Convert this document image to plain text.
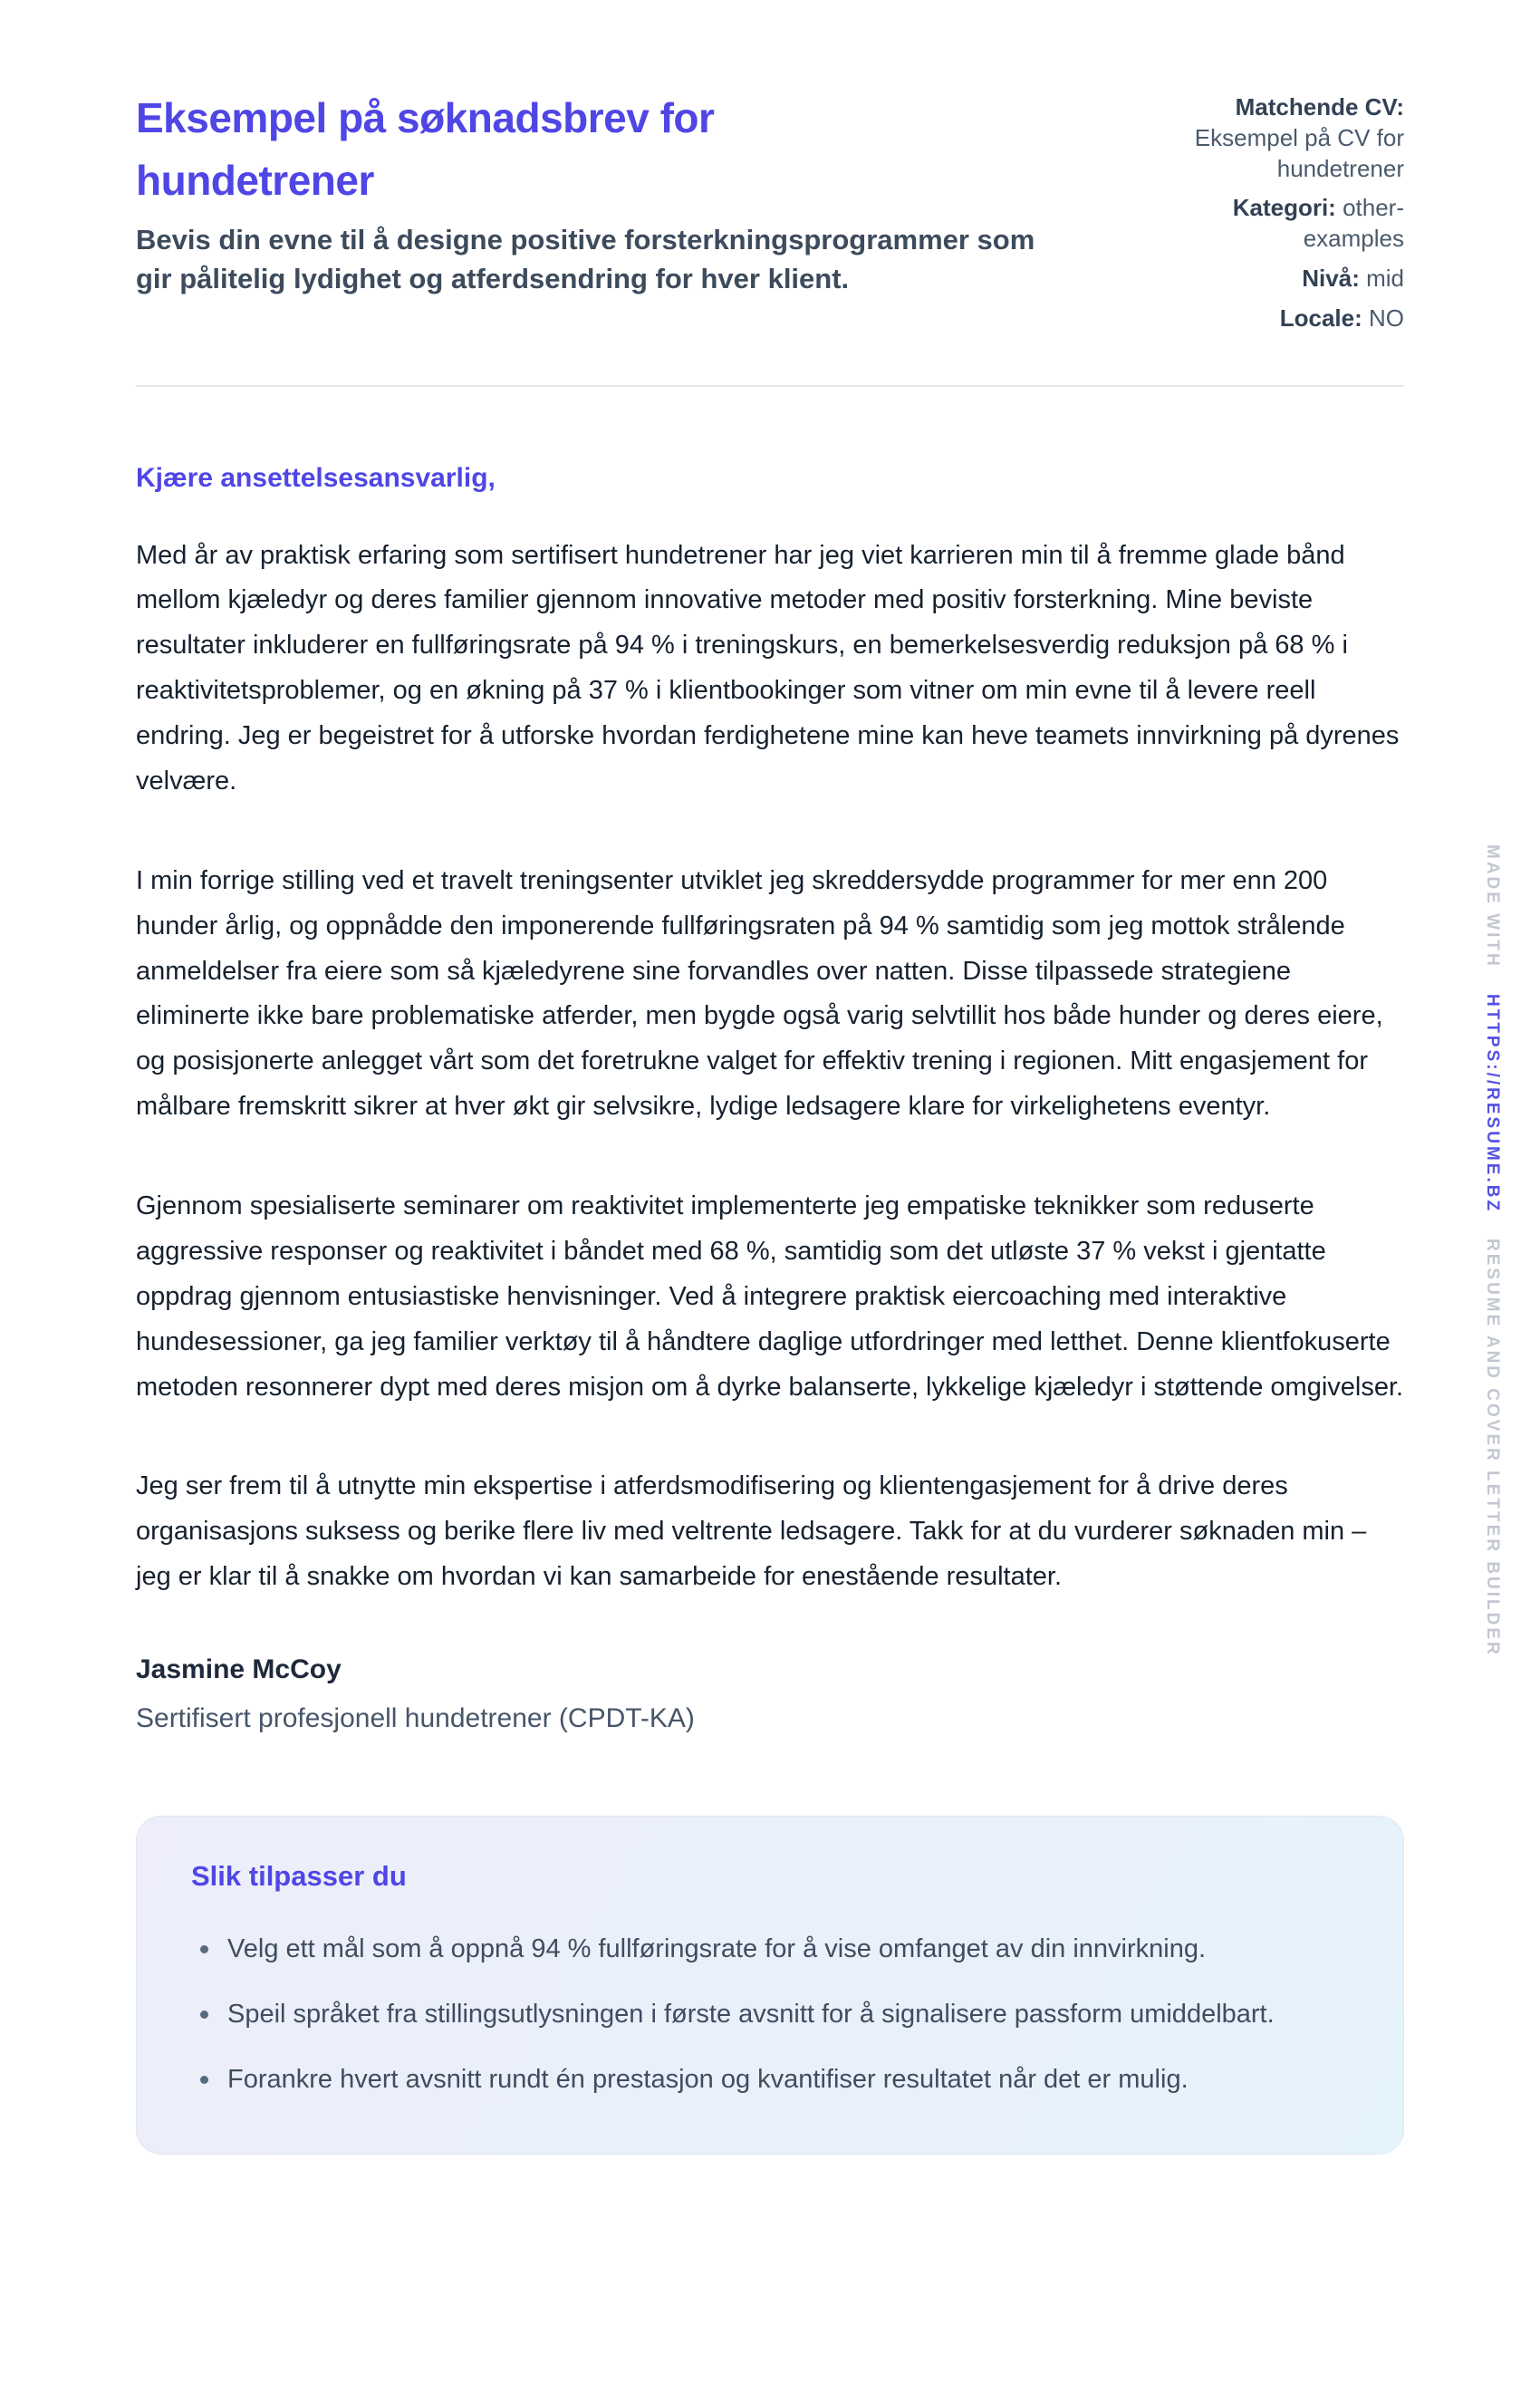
Eksempel på søknadsbrev for hundetrener

Bevis din evne til å designe positive forsterkningsprogrammer som gir pålitelig lydighet og atferdsendring for hver klient.

Matchende CV: Eksempel på CV for hundetrener
Kategori: other-examples
Nivå: mid
Locale: NO

Kjære ansettelsesansvarlig,

Med år av praktisk erfaring som sertifisert hundetrener har jeg viet karrieren min til å fremme glade bånd mellom kjæledyr og deres familier gjennom innovative metoder med positiv forsterkning. Mine beviste resultater inkluderer en fullføringsrate på 94 % i treningskurs, en bemerkelsesverdig reduksjon på 68 % i reaktivitetsproblemer, og en økning på 37 % i klientbookinger som vitner om min evne til å levere reell endring. Jeg er begeistret for å utforske hvordan ferdighetene mine kan heve teamets innvirkning på dyrenes velvære.

I min forrige stilling ved et travelt treningsenter utviklet jeg skreddersydde programmer for mer enn 200 hunder årlig, og oppnådde den imponerende fullføringsraten på 94 % samtidig som jeg mottok strålende anmeldelser fra eiere som så kjæledyrene sine forvandles over natten. Disse tilpassede strategiene eliminerte ikke bare problematiske atferder, men bygde også varig selvtillit hos både hunder og deres eiere, og posisjonerte anlegget vårt som det foretrukne valget for effektiv trening i regionen. Mitt engasjement for målbare fremskritt sikrer at hver økt gir selvsikre, lydige ledsagere klare for virkelighetens eventyr.

Gjennom spesialiserte seminarer om reaktivitet implementerte jeg empatiske teknikker som reduserte aggressive responser og reaktivitet i båndet med 68 %, samtidig som det utløste 37 % vekst i gjentatte oppdrag gjennom entusiastiske henvisninger. Ved å integrere praktisk eiercoaching med interaktive hundesessioner, ga jeg familier verktøy til å håndtere daglige utfordringer med letthet. Denne klientfokuserte metoden resonnerer dypt med deres misjon om å dyrke balanserte, lykkelige kjæledyr i støttende omgivelser.

Jeg ser frem til å utnytte min ekspertise i atferdsmodifisering og klientengasjement for å drive deres organisasjons suksess og berike flere liv med veltrente ledsagere. Takk for at du vurderer søknaden min – jeg er klar til å snakke om hvordan vi kan samarbeide for enestående resultater.

Jasmine McCoy
Sertifisert profesjonell hundetrener (CPDT-KA)
Slik tilpasser du
Velg ett mål som å oppnå 94 % fullføringsrate for å vise omfanget av din innvirkning.
Speil språket fra stillingsutlysningen i første avsnitt for å signalisere passform umiddelbart.
Forankre hvert avsnitt rundt én prestasjon og kvantifiser resultatet når det er mulig.
MADE WITH
HTTPS://RESUME.BZ
RESUME AND COVER LETTER BUILDER
